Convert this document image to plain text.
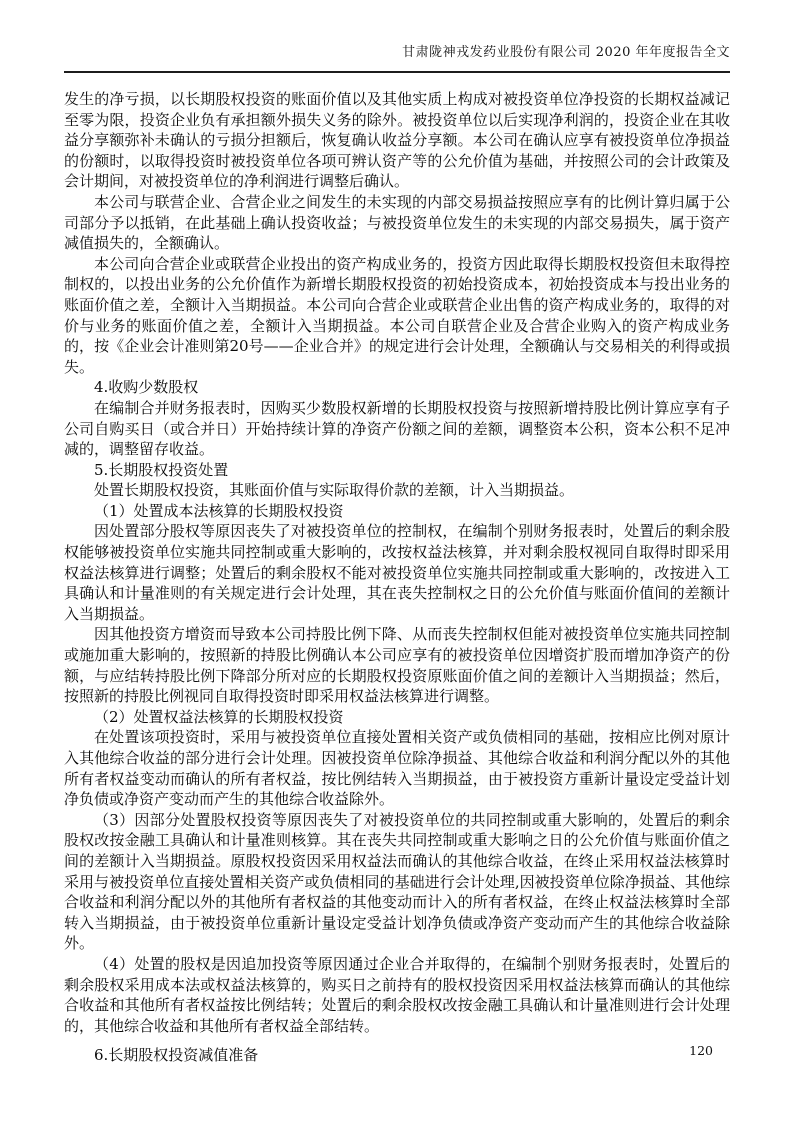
甘肃陇神戎发药业股份有限公司 2020 年年度报告全文

发生的净亏损，以长期股权投资的账面价值以及其他实质上构成对被投资单位净投资的长期权益减记至零为限，投资企业负有承担额外损失义务的除外。被投资单位以后实现净利润的，投资企业在其收益分享额弥补未确认的亏损分担额后，恢复确认收益分享额。本公司在确认应享有被投资单位净损益的份额时，以取得投资时被投资单位各项可辨认资产等的公允价值为基础，并按照公司的会计政策及会计期间，对被投资单位的净利润进行调整后确认。

本公司与联营企业、合营企业之间发生的未实现的内部交易损益按照应享有的比例计算归属于公司部分予以抵销，在此基础上确认投资收益；与被投资单位发生的未实现的内部交易损失，属于资产减值损失的，全额确认。

本公司向合营企业或联营企业投出的资产构成业务的，投资方因此取得长期股权投资但未取得控制权的，以投出业务的公允价值作为新增长期股权投资的初始投资成本，初始投资成本与投出业务的账面价值之差，全额计入当期损益。本公司向合营企业或联营企业出售的资产构成业务的，取得的对价与业务的账面价值之差，全额计入当期损益。本公司自联营企业及合营企业购入的资产构成业务的，按《企业会计准则第20号——企业合并》的规定进行会计处理，全额确认与交易相关的利得或损失。

4.收购少数股权

在编制合并财务报表时，因购买少数股权新增的长期股权投资与按照新增持股比例计算应享有子公司自购买日（或合并日）开始持续计算的净资产份额之间的差额，调整资本公积，资本公积不足冲减的，调整留存收益。

5.长期股权投资处置

处置长期股权投资，其账面价值与实际取得价款的差额，计入当期损益。

（1）处置成本法核算的长期股权投资

因处置部分股权等原因丧失了对被投资单位的控制权，在编制个别财务报表时，处置后的剩余股权能够被投资单位实施共同控制或重大影响的，改按权益法核算，并对剩余股权视同自取得时即采用权益法核算进行调整；处置后的剩余股权不能对被投资单位实施共同控制或重大影响的，改按进入工具确认和计量准则的有关规定进行会计处理，其在丧失控制权之日的公允价值与账面价值间的差额计入当期损益。

因其他投资方增资而导致本公司持股比例下降、从而丧失控制权但能对被投资单位实施共同控制或施加重大影响的，按照新的持股比例确认本公司应享有的被投资单位因增资扩股而增加净资产的份额，与应结转持股比例下降部分所对应的长期股权投资原账面价值之间的差额计入当期损益；然后，按照新的持股比例视同自取得投资时即采用权益法核算进行调整。

（2）处置权益法核算的长期股权投资

在处置该项投资时，采用与被投资单位直接处置相关资产或负债相同的基础，按相应比例对原计入其他综合收益的部分进行会计处理。因被投资单位除净损益、其他综合收益和利润分配以外的其他所有者权益变动而确认的所有者权益，按比例结转入当期损益，由于被投资方重新计量设定受益计划净负债或净资产变动而产生的其他综合收益除外。

（3）因部分处置股权投资等原因丧失了对被投资单位的共同控制或重大影响的，处置后的剩余股权改按金融工具确认和计量准则核算。其在丧失共同控制或重大影响之日的公允价值与账面价值之间的差额计入当期损益。原股权投资因采用权益法而确认的其他综合收益，在终止采用权益法核算时采用与被投资单位直接处置相关资产或负债相同的基础进行会计处理,因被投资单位除净损益、其他综合收益和利润分配以外的其他所有者权益的其他变动而计入的所有者权益，在终止权益法核算时全部转入当期损益，由于被投资单位重新计量设定受益计划净负债或净资产变动而产生的其他综合收益除外。

（4）处置的股权是因追加投资等原因通过企业合并取得的，在编制个别财务报表时，处置后的剩余股权采用成本法或权益法核算的，购买日之前持有的股权投资因采用权益法核算而确认的其他综合收益和其他所有者权益按比例结转；处置后的剩余股权改按金融工具确认和计量准则进行会计处理的，其他综合收益和其他所有者权益全部结转。

6.长期股权投资减值准备	120
